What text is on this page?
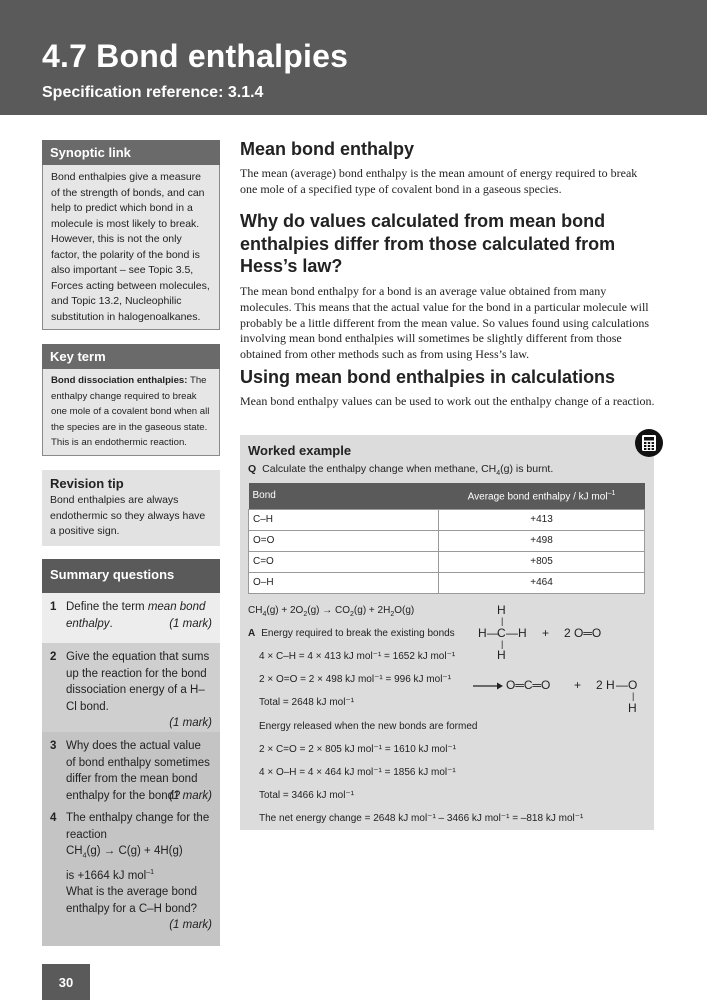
4.7 Bond enthalpies
Specification reference: 3.1.4
Synoptic link
Bond enthalpies give a measure of the strength of bonds, and can help to predict which bond in a molecule is most likely to break. However, this is not the only factor, the polarity of the bond is also important – see Topic 3.5, Forces acting between molecules, and Topic 13.2, Nucleophilic substitution in halogenoalkanes.
Key term
Bond dissociation enthalpies: The enthalpy change required to break one mole of a covalent bond when all the species are in the gaseous state. This is an endothermic reaction.
Revision tip
Bond enthalpies are always endothermic so they always have a positive sign.
Summary questions
1 Define the term mean bond enthalpy.	(1 mark)
2 Give the equation that sums up the reaction for the bond dissociation energy of a H–Cl bond.
(1 mark)
3 Why does the actual value of bond enthalpy sometimes differ from the mean bond enthalpy for the bond?
(1 mark)
4 The enthalpy change for the reaction
$CH_4(g) \to C(g) + 4H(g)$
is +1664 kJ mol$^{-1}$
What is the average bond enthalpy for a C–H bond?
(1 mark)
Mean bond enthalpy

The mean (average) bond enthalpy is the mean amount of energy required to break one mole of a specified type of covalent bond in a gaseous species.

Why do values calculated from mean bond enthalpies differ from those calculated from Hess’s law?

The mean bond enthalpy for a bond is an average value obtained from many molecules. This means that the actual value for the bond in a particular molecule will probably be a little different from the mean value. So values found using calculations involving mean bond enthalpies will sometimes be slightly different from those obtained from other methods such as from using Hess’s law.

Using mean bond enthalpies in calculations

Mean bond enthalpy values can be used to work out the enthalpy change of a reaction.

Worked example
Q Calculate the enthalpy change when methane, $CH_4(g)$ is burnt.
Bond	Average bond enthalpy / kJ mol$^{-1}$
C–H	+413
O=O	+498
C=O	+805
O–H	+464
$CH_4(g) + 2O_2(g) \to CO_2(g) + 2H_2O(g)$
A Energy required to break the existing bonds
4 × C–H = 4 × 413 kJ mol⁻¹ = 1652 kJ mol⁻¹
2 × O=O = 2 × 498 kJ mol⁻¹ = 996 kJ mol⁻¹
Total = 2648 kJ mol⁻¹
Energy released when the new bonds are formed
2 × C=O = 2 × 805 kJ mol⁻¹ = 1610 kJ mol⁻¹
4 × O–H = 4 × 464 kJ mol⁻¹ = 1856 kJ mol⁻¹
Total = 3466 kJ mol⁻¹
The net energy change = 2648 kJ mol⁻¹ – 3466 kJ mol⁻¹ = –818 kJ mol⁻¹
H
|
H —
C — H
|
H
+ 2 O═O
→ O═C═O + 2 H — O
|
H
30
